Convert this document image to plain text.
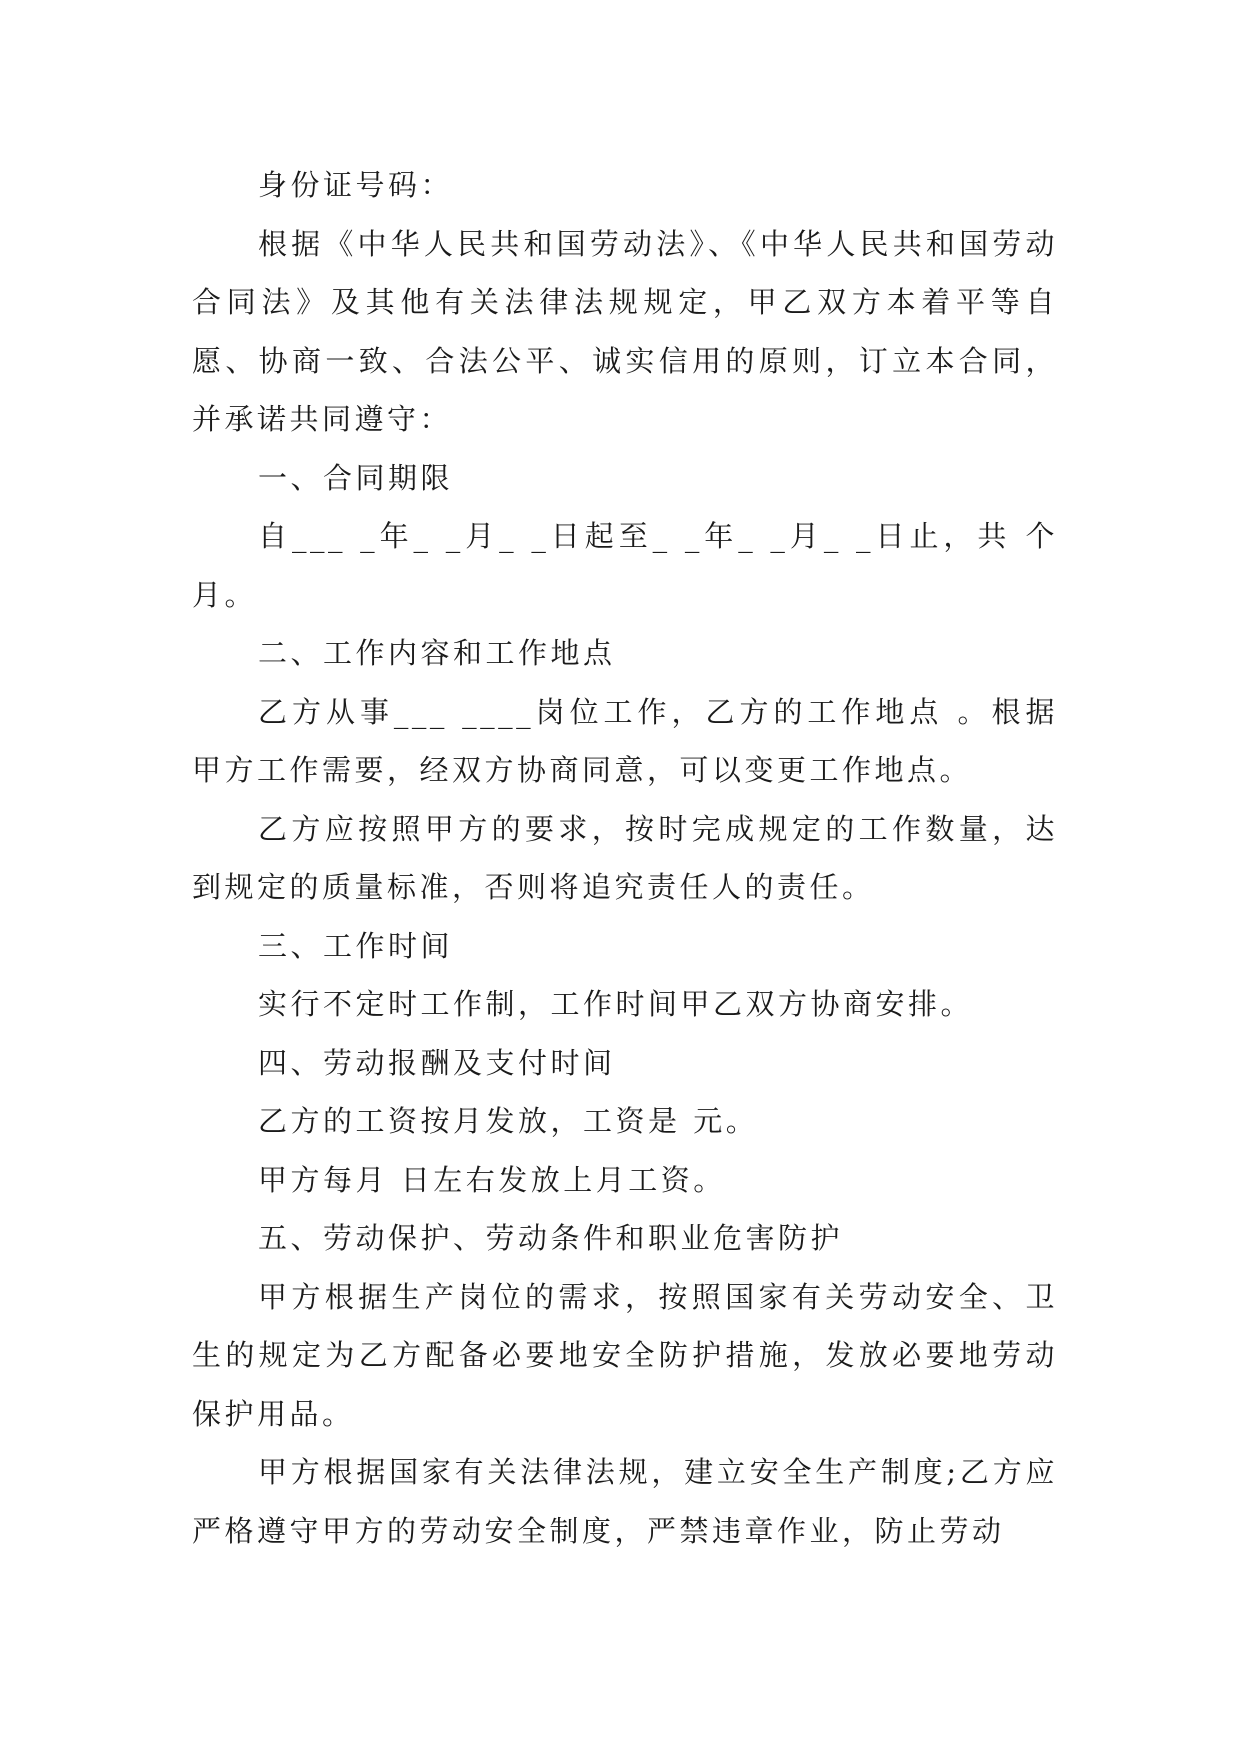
身份证号码：

根据《中华人民共和国劳动法》、《中华人民共和国劳动合同法》及其他有关法律法规规定，甲乙双方本着平等自愿、协商一致、合法公平、诚实信用的原则，订立本合同，并承诺共同遵守：

一、合同期限

自___ _年_ _月_ _日起至_ _年_ _月_ _日止，共 个月。

二、工作内容和工作地点

乙方从事___ ____岗位工作，乙方的工作地点 。根据甲方工作需要，经双方协商同意，可以变更工作地点。

乙方应按照甲方的要求，按时完成规定的工作数量，达到规定的质量标准，否则将追究责任人的责任。

三、工作时间

实行不定时工作制，工作时间甲乙双方协商安排。

四、劳动报酬及支付时间

乙方的工资按月发放，工资是 元。

甲方每月 日左右发放上月工资。

五、劳动保护、劳动条件和职业危害防护

甲方根据生产岗位的需求，按照国家有关劳动安全、卫生的规定为乙方配备必要地安全防护措施，发放必要地劳动保护用品。

甲方根据国家有关法律法规，建立安全生产制度;乙方应严格遵守甲方的劳动安全制度，严禁违章作业，防止劳动
